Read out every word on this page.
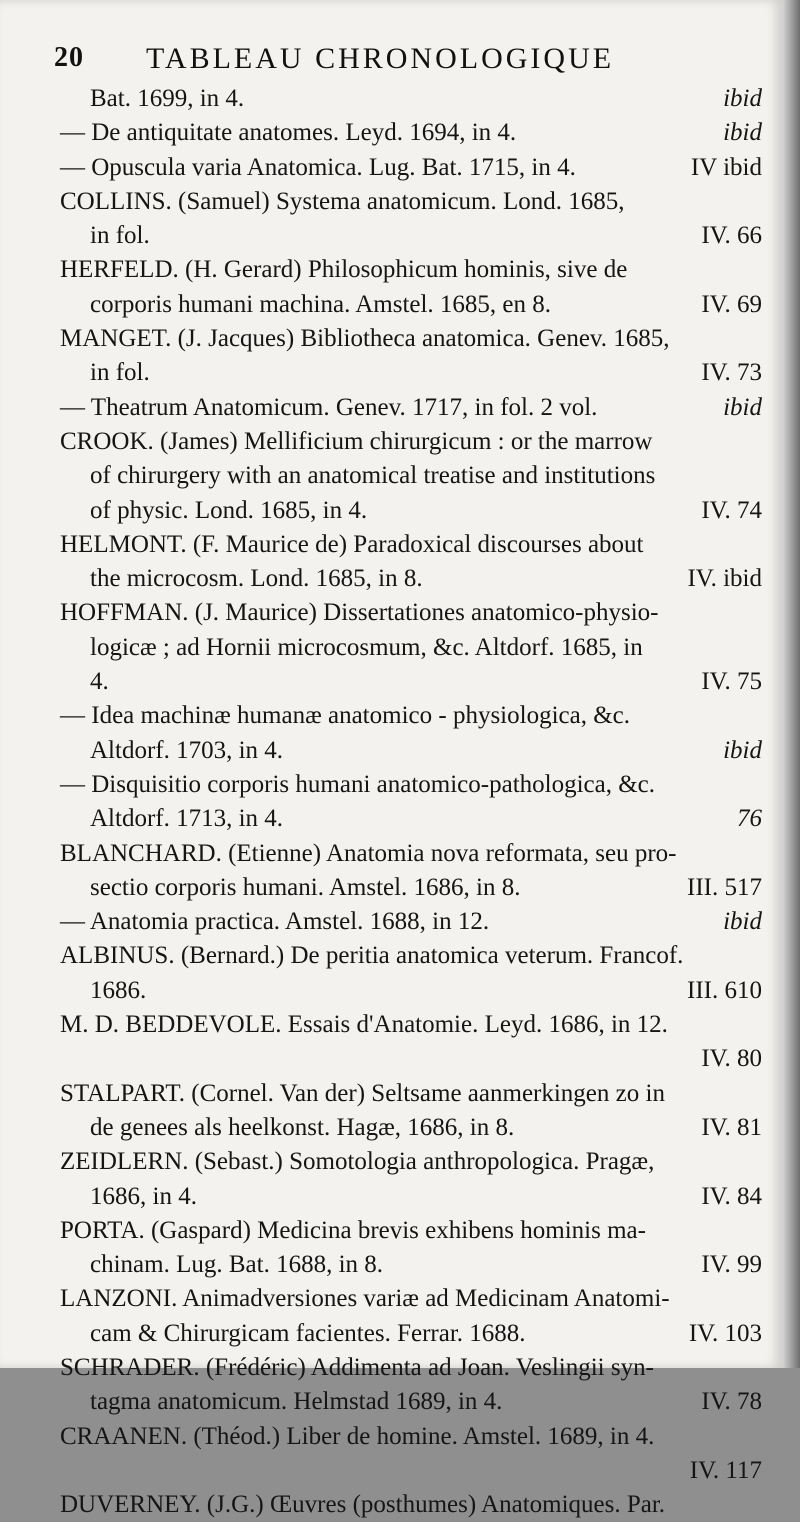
20 TABLEAU CHRONOLOGIQUE
Bat. 1699, in 4.	ibid
— De antiquitate anatomes. Leyd. 1694, in 4.	ibid
— Opuscula varia Anatomica. Lug. Bat. 1715, in 4.	IV ibid
COLLINS. (Samuel) Systema anatomicum. Lond. 1685,
in fol.	IV. 66
HERFELD. (H. Gerard) Philosophicum hominis, sive de
corporis humani machina. Amstel. 1685, en 8.	IV. 69
MANGET. (J. Jacques) Bibliotheca anatomica. Genev. 1685,
in fol.	IV. 73
— Theatrum Anatomicum. Genev. 1717, in fol. 2 vol.	ibid
CROOK. (James) Mellificium chirurgicum : or the marrow
of chirurgery with an anatomical treatise and institutions
of physic. Lond. 1685, in 4.	IV. 74
HELMONT. (F. Maurice de) Paradoxical discourses about
the microcosm. Lond. 1685, in 8.	IV. ibid
HOFFMAN. (J. Maurice) Dissertationes anatomico-physio-
logicæ ; ad Hornii microcosmum, &c. Altdorf. 1685, in
4.	IV. 75
— Idea machinæ humanæ anatomico - physiologica, &c.
Altdorf. 1703, in 4.	ibid
— Disquisitio corporis humani anatomico-pathologica, &c.
Altdorf. 1713, in 4.	76
BLANCHARD. (Etienne) Anatomia nova reformata, seu pro-
sectio corporis humani. Amstel. 1686, in 8.	III. 517
— Anatomia practica. Amstel. 1688, in 12.	ibid
ALBINUS. (Bernard.) De peritia anatomica veterum. Francof.
1686.	III. 610
M. D. BEDDEVOLE. Essais d'Anatomie. Leyd. 1686, in 12.
IV. 80
STALPART. (Cornel. Van der) Seltsame aanmerkingen zo in
de genees als heelkonst. Hagæ, 1686, in 8.	IV. 81
ZEIDLERN. (Sebast.) Somotologia anthropologica. Pragæ,
1686, in 4.	IV. 84
PORTA. (Gaspard) Medicina brevis exhibens hominis ma-
chinam. Lug. Bat. 1688, in 8.	IV. 99
LANZONI. Animadversiones variæ ad Medicinam Anatomi-
cam & Chirurgicam facientes. Ferrar. 1688.	IV. 103
SCHRADER. (Frédéric) Addimenta ad Joan. Veslingii syn-
tagma anatomicum. Helmstad 1689, in 4.	IV. 78
CRAANEN. (Théod.) Liber de homine. Amstel. 1689, in 4.
IV. 117
DUVERNEY. (J.G.) Œuvres (posthumes) Anatomiques. Par.
